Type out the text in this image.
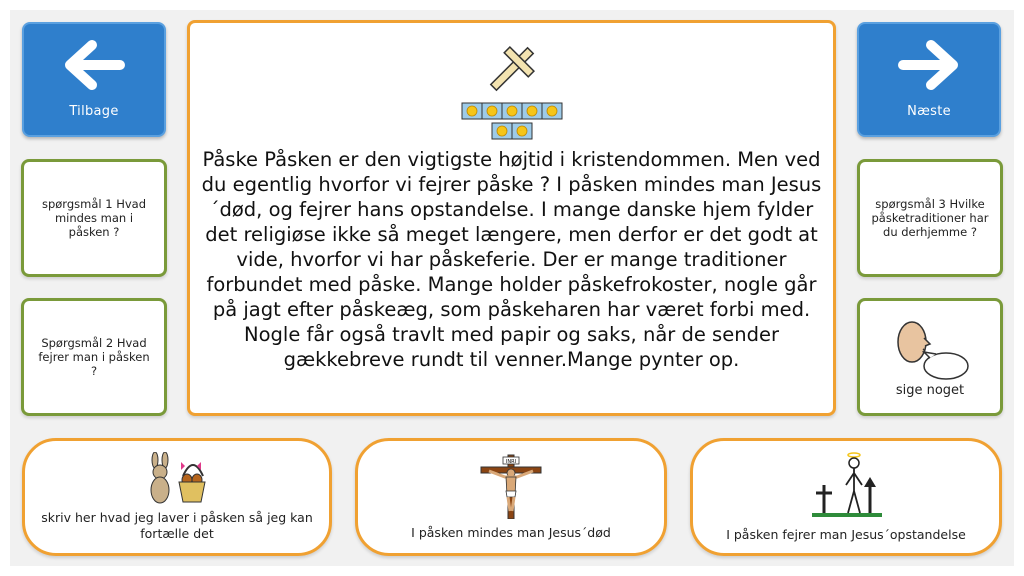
Tilbage	Næste
spørgsmål 1 Hvad mindes man i påsken ?
Spørgsmål 2 Hvad fejrer man i påsken ?
spørgsmål 3 Hvilke påsketraditioner har du derhjemme ?
sige noget
Påske Påsken er den vigtigste højtid i kristendommen. Men ved du egentlig hvorfor vi fejrer påske ? I påsken mindes man Jesus´død, og fejrer hans opstandelse. I mange danske hjem fylder det religiøse ikke så meget længere, men derfor er det godt at vide, hvorfor vi har påskeferie. Der er mange traditioner forbundet med påske. Mange holder påskefrokoster, nogle går på jagt efter påskeæg, som påskeharen har været forbi med. Nogle får også travlt med papir og saks, når de sender gækkebreve rundt til venner.Mange pynter op.
skriv her hvad jeg laver i påsken så jeg kan fortælle det
INRI
I påsken mindes man Jesus´død	I påsken fejrer man Jesus´opstandelse
